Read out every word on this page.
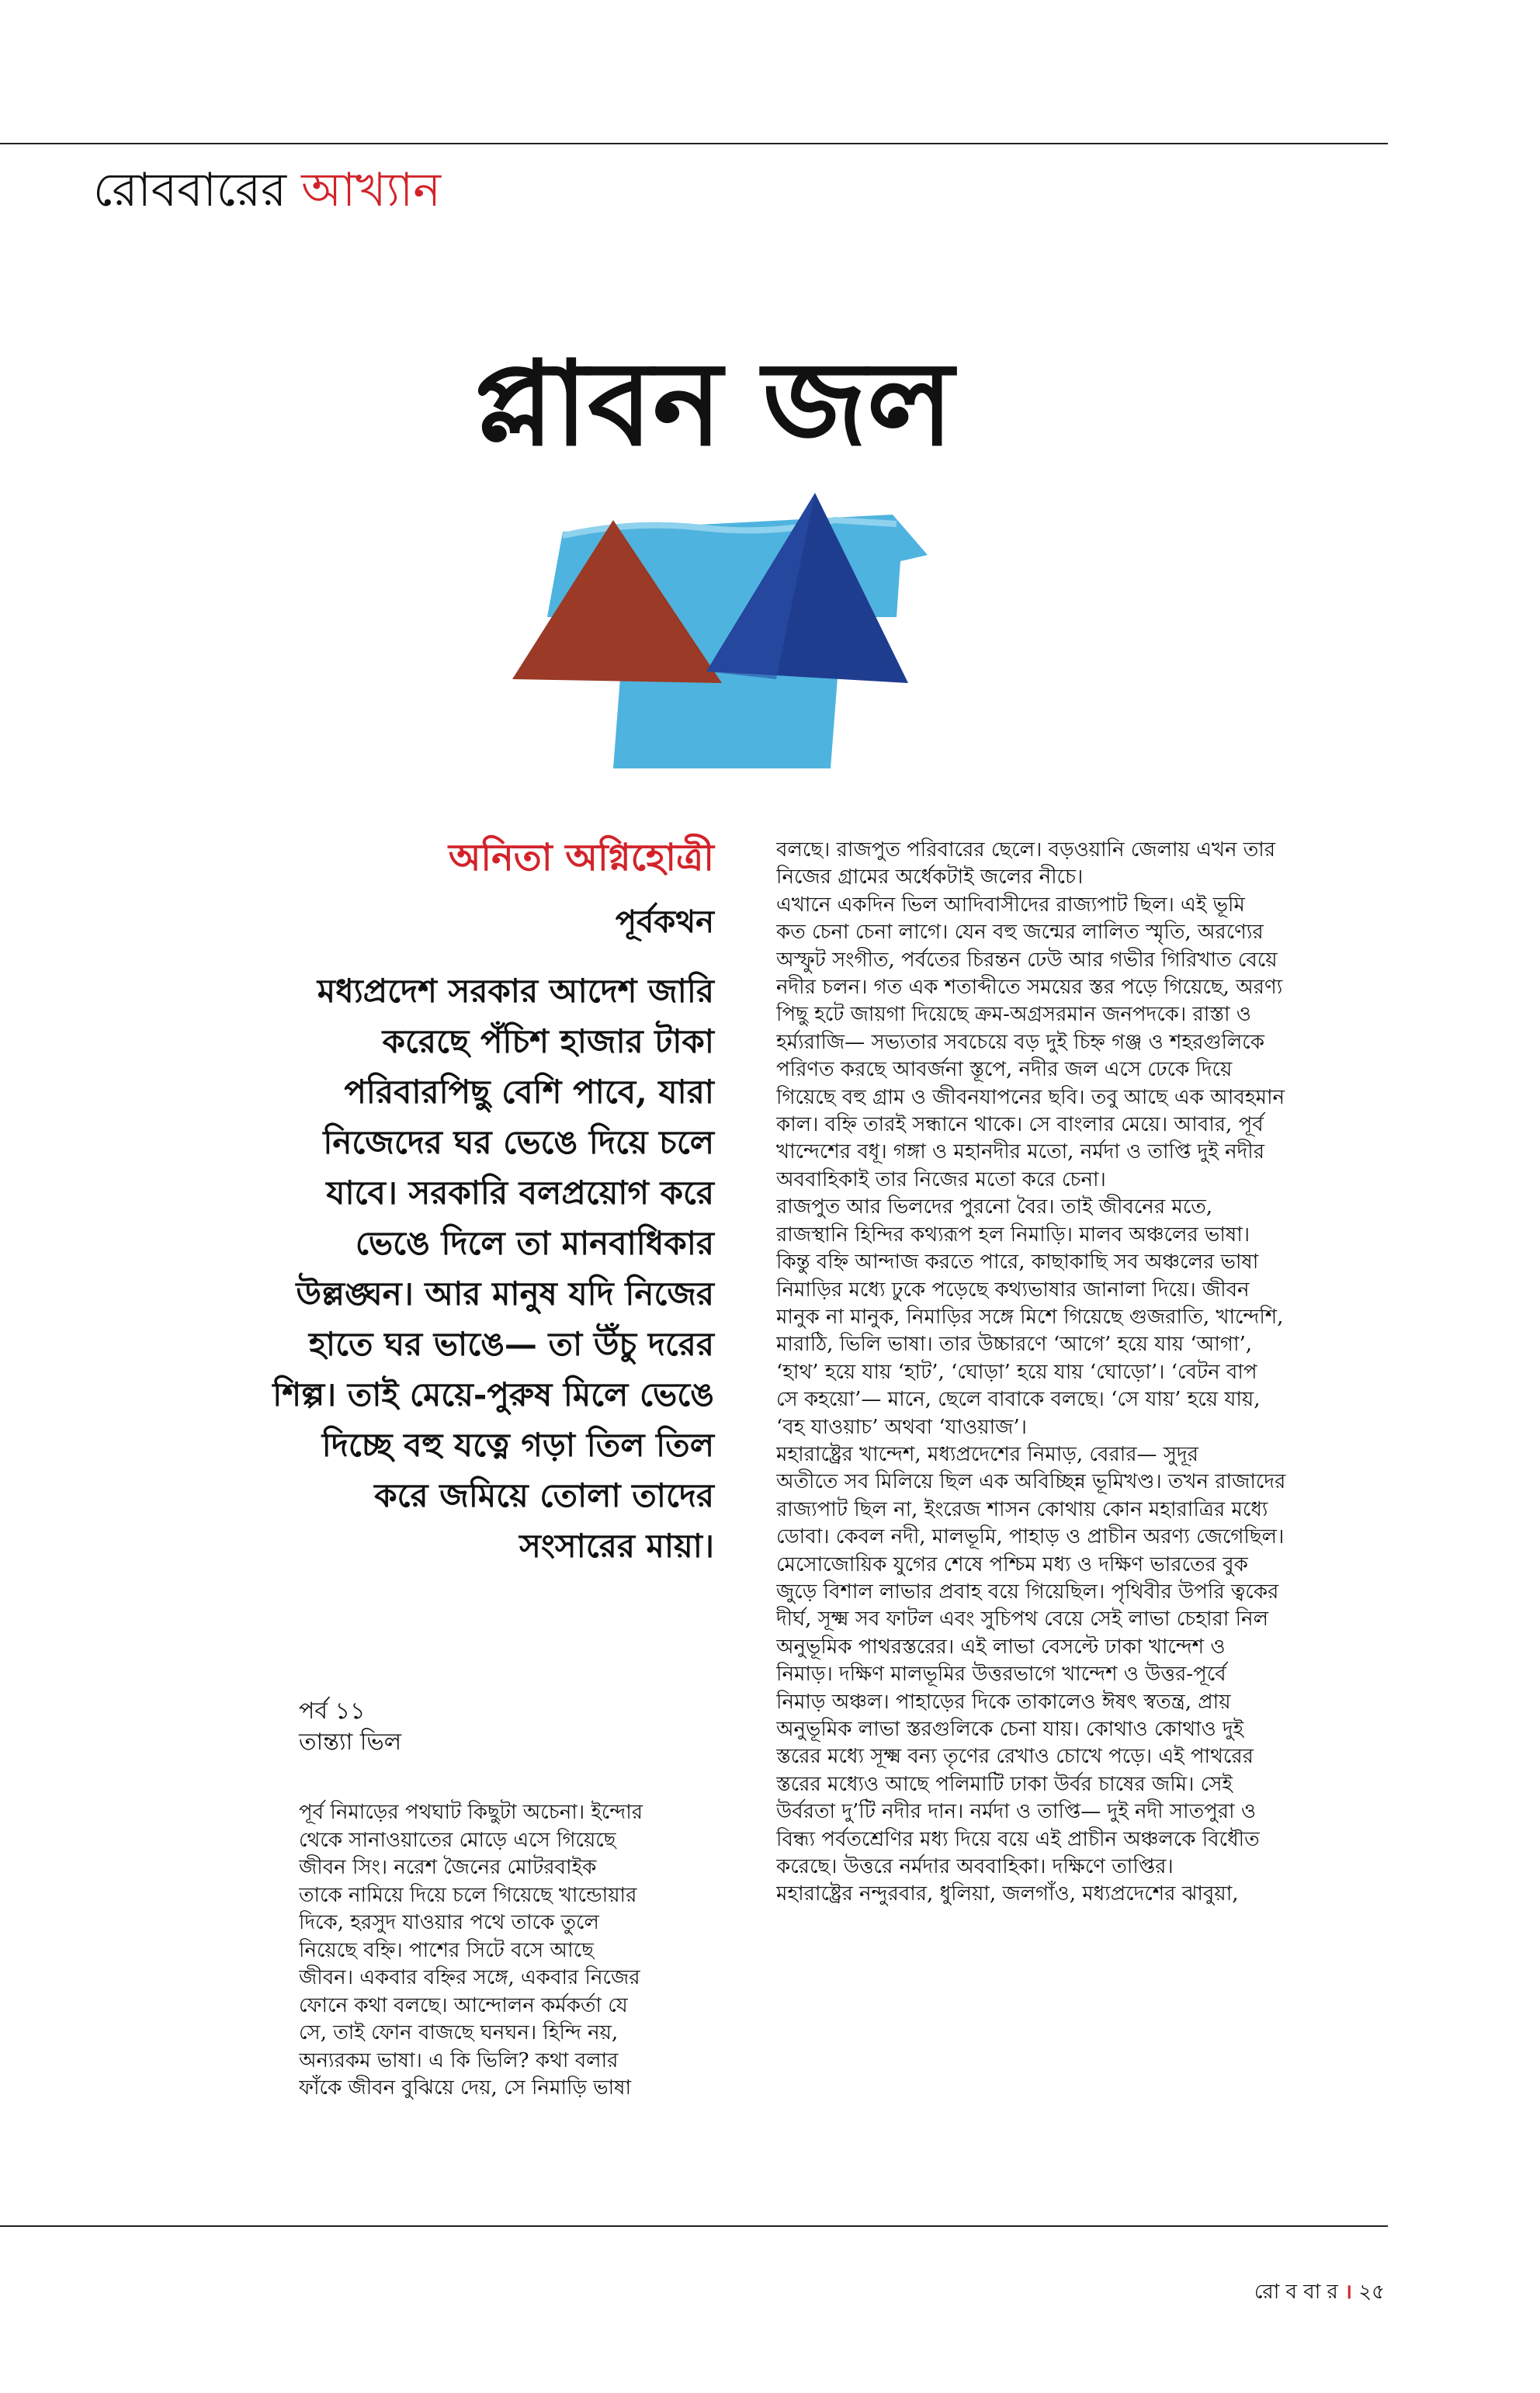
রোববারের আখ্যান
প্লাবন জল
অনিতা অগ্নিহোত্রী
পূর্বকথন
মধ্যপ্রদেশ সরকার আদেশ জারি
করেছে পঁচিশ হাজার টাকা
পরিবারপিছু বেশি পাবে, যারা
নিজেদের ঘর ভেঙে দিয়ে চলে
যাবে। সরকারি বলপ্রয়োগ করে
ভেঙে দিলে তা মানবাধিকার
উল্লঙ্ঘন। আর মানুষ যদি নিজের
হাতে ঘর ভাঙে— তা উঁচু দরের
শিল্প। তাই মেয়ে-পুরুষ মিলে ভেঙে
দিচ্ছে বহু যত্নে গড়া তিল তিল
করে জমিয়ে তোলা তাদের
সংসারের মায়া।
পর্ব ১১
তান্ত্যা ভিল
পূর্ব নিমাড়ের পথঘাট কিছুটা অচেনা। ইন্দোর
থেকে সানাওয়াতের মোড়ে এসে গিয়েছে
জীবন সিং। নরেশ জৈনের মোটরবাইক
তাকে নামিয়ে দিয়ে চলে গিয়েছে খান্ডোয়ার
দিকে, হরসুদ যাওয়ার পথে তাকে তুলে
নিয়েছে বহ্নি। পাশের সিটে বসে আছে
জীবন। একবার বহ্নির সঙ্গে, একবার নিজের
ফোনে কথা বলছে। আন্দোলন কর্মকর্তা যে
সে, তাই ফোন বাজছে ঘনঘন। হিন্দি নয়,
অন্যরকম ভাষা। এ কি ভিলি? কথা বলার
ফাঁকে জীবন বুঝিয়ে দেয়, সে নিমাড়ি ভাষা
বলছে। রাজপুত পরিবারের ছেলে। বড়ওয়ানি জেলায় এখন তার
নিজের গ্রামের অর্ধেকটাই জলের নীচে।
এখানে একদিন ভিল আদিবাসীদের রাজ্যপাট ছিল। এই ভূমি
কত চেনা চেনা লাগে। যেন বহু জন্মের লালিত স্মৃতি, অরণ্যের
অস্ফুট সংগীত, পর্বতের চিরন্তন ঢেউ আর গভীর গিরিখাত বেয়ে
নদীর চলন। গত এক শতাব্দীতে সময়ের স্তর পড়ে গিয়েছে, অরণ্য
পিছু হটে জায়গা দিয়েছে ক্রম-অগ্রসরমান জনপদকে। রাস্তা ও
হর্ম্যরাজি— সভ্যতার সবচেয়ে বড় দুই চিহ্ন গঞ্জ ও শহরগুলিকে
পরিণত করছে আবর্জনা স্তূপে, নদীর জল এসে ঢেকে দিয়ে
গিয়েছে বহু গ্রাম ও জীবনযাপনের ছবি। তবু আছে এক আবহমান
কাল। বহ্নি তারই সন্ধানে থাকে। সে বাংলার মেয়ে। আবার, পূর্ব
খান্দেশের বধূ। গঙ্গা ও মহানদীর মতো, নর্মদা ও তাপ্তি দুই নদীর
অববাহিকাই তার নিজের মতো করে চেনা।
রাজপুত আর ভিলদের পুরনো বৈর। তাই জীবনের মতে,
রাজস্থানি হিন্দির কথ্যরূপ হল নিমাড়ি। মালব অঞ্চলের ভাষা।
কিন্তু বহ্নি আন্দাজ করতে পারে, কাছাকাছি সব অঞ্চলের ভাষা
নিমাড়ির মধ্যে ঢুকে পড়েছে কথ্যভাষার জানালা দিয়ে। জীবন
মানুক না মানুক, নিমাড়ির সঙ্গে মিশে গিয়েছে গুজরাতি, খান্দেশি,
মারাঠি, ভিলি ভাষা। তার উচ্চারণে ‘আগে’ হয়ে যায় ‘আগা’,
‘হাথ’ হয়ে যায় ‘হাট’, ‘ঘোড়া’ হয়ে যায় ‘ঘোড়ো’। ‘বেটন বাপ
সে কহয়ো’— মানে, ছেলে বাবাকে বলছে। ‘সে যায়’ হয়ে যায়,
‘বহ যাওয়াচ’ অথবা ‘যাওয়াজ’।
মহারাষ্ট্রের খান্দেশ, মধ্যপ্রদেশের নিমাড়, বেরার— সুদূর
অতীতে সব মিলিয়ে ছিল এক অবিচ্ছিন্ন ভূমিখণ্ড। তখন রাজাদের
রাজ্যপাট ছিল না, ইংরেজ শাসন কোথায় কোন মহারাত্রির মধ্যে
ডোবা। কেবল নদী, মালভূমি, পাহাড় ও প্রাচীন অরণ্য জেগেছিল।
মেসোজোয়িক যুগের শেষে পশ্চিম মধ্য ও দক্ষিণ ভারতের বুক
জুড়ে বিশাল লাভার প্রবাহ বয়ে গিয়েছিল। পৃথিবীর উপরি ত্বকের
দীর্ঘ, সূক্ষ্ম সব ফাটল এবং সুচিপথ বেয়ে সেই লাভা চেহারা নিল
অনুভূমিক পাথরস্তরের। এই লাভা বেসল্টে ঢাকা খান্দেশ ও
নিমাড়। দক্ষিণ মালভূমির উত্তরভাগে খান্দেশ ও উত্তর-পূর্বে
নিমাড় অঞ্চল। পাহাড়ের দিকে তাকালেও ঈষৎ স্বতন্ত্র, প্রায়
অনুভূমিক লাভা স্তরগুলিকে চেনা যায়। কোথাও কোথাও দুই
স্তরের মধ্যে সূক্ষ্ম বন্য তৃণের রেখাও চোখে পড়ে। এই পাথরের
স্তরের মধ্যেও আছে পলিমাটি ঢাকা উর্বর চাষের জমি। সেই
উর্বরতা দু’টি নদীর দান। নর্মদা ও তাপ্তি— দুই নদী সাতপুরা ও
বিন্ধ্য পর্বতশ্রেণির মধ্য দিয়ে বয়ে এই প্রাচীন অঞ্চলকে বিধৌত
করেছে। উত্তরে নর্মদার অববাহিকা। দক্ষিণে তাপ্তির।
মহারাষ্ট্রের নন্দুরবার, ধুলিয়া, জলগাঁও, মধ্যপ্রদেশের ঝাবুয়া,
রো ব বা র । ২৫
